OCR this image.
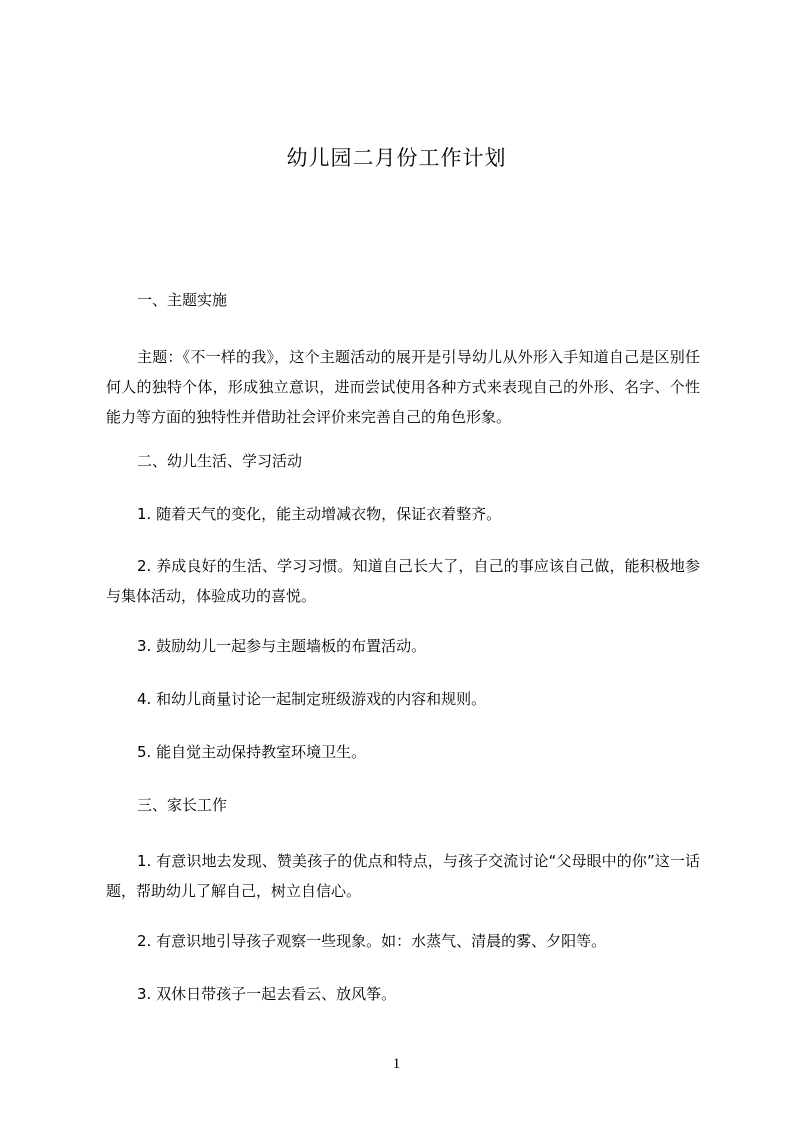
幼儿园二月份工作计划
一、主题实施
主题：《不一样的我》，这个主题活动的展开是引导幼儿从外形入手知道自己是区别任何人的独特个体，形成独立意识，进而尝试使用各种方式来表现自己的外形、名字、个性能力等方面的独特性并借助社会评价来完善自己的角色形象。
二、幼儿生活、学习活动
1. 随着天气的变化，能主动增减衣物，保证衣着整齐。
2. 养成良好的生活、学习习惯。知道自己长大了，自己的事应该自己做，能积极地参与集体活动，体验成功的喜悦。
3. 鼓励幼儿一起参与主题墙板的布置活动。
4. 和幼儿商量讨论一起制定班级游戏的内容和规则。
5. 能自觉主动保持教室环境卫生。
三、家长工作
1. 有意识地去发现、赞美孩子的优点和特点，与孩子交流讨论“父母眼中的你”这一话题，帮助幼儿了解自己，树立自信心。
2. 有意识地引导孩子观察一些现象。如：水蒸气、清晨的雾、夕阳等。
3. 双休日带孩子一起去看云、放风筝。
1
